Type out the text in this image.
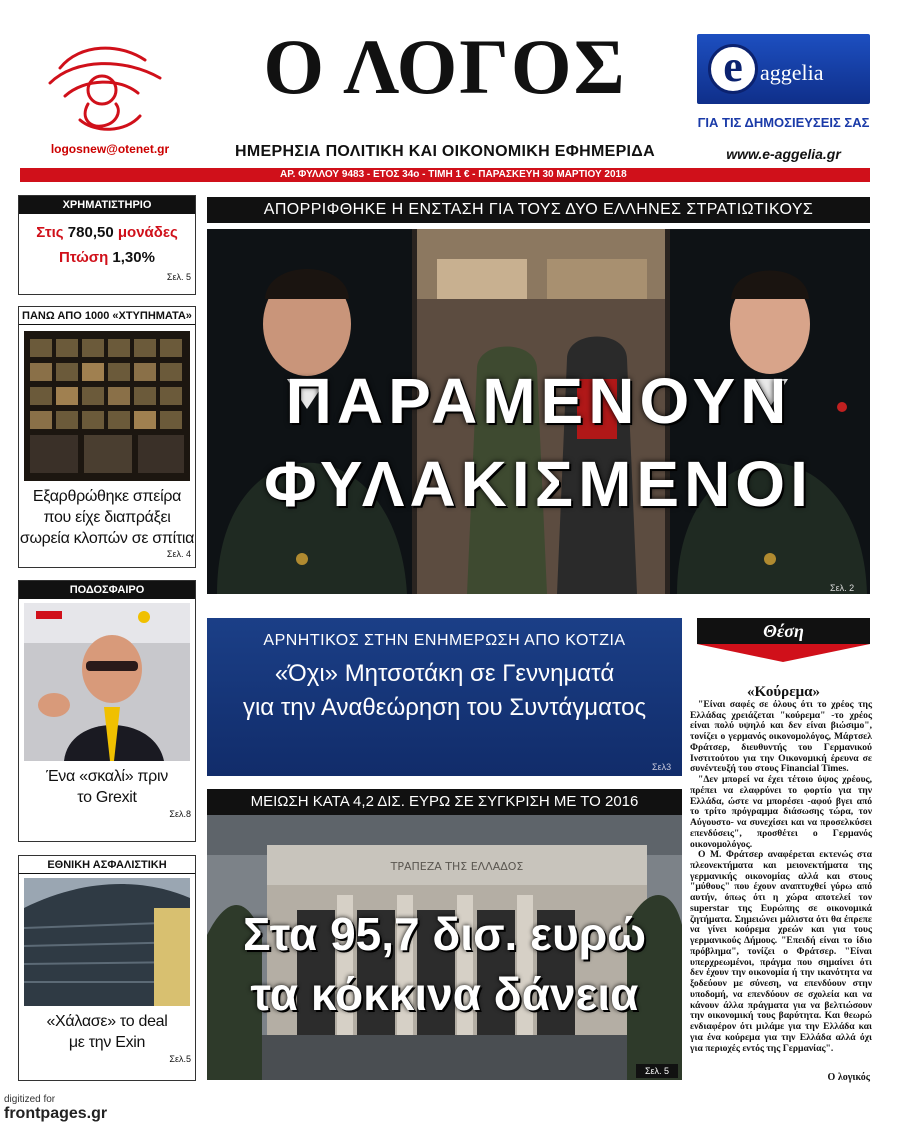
logosnew@otenet.gr
Ο ΛΟΓΟΣ
ΗΜΕΡΗΣΙΑ ΠΟΛΙΤΙΚΗ ΚΑΙ ΟΙΚΟΝΟΜΙΚΗ ΕΦΗΜΕΡΙΔΑ
e aggelia
ΓΙΑ ΤΙΣ ΔΗΜΟΣΙΕΥΣΕΙΣ ΣΑΣ
www.e-aggelia.gr
ΑΡ. ΦΥΛΛΟΥ 9483 - ΕΤΟΣ 34ο - ΤΙΜΗ 1 € - ΠΑΡΑΣΚΕΥΗ 30 ΜΑΡΤΙΟΥ 2018
ΧΡΗΜΑΤΙΣΤΗΡΙΟ
Στις 780,50 μονάδες
Πτώση 1,30%
Σελ. 5
ΠΑΝΩ ΑΠΟ 1000 «ΧΤΥΠΗΜΑΤΑ»
Εξαρθρώθηκε σπείρα
που είχε διαπράξει
σωρεία κλοπών σε σπίτια
Σελ. 4
ΠΟΔΟΣΦΑΙΡΟ
Ένα «σκαλί» πριν
το Grexit
Σελ.8
ΕΘΝΙΚΗ ΑΣΦΑΛΙΣΤΙΚΗ
«Χάλασε» το deal
με την Exin
Σελ.5
ΑΠΟΡΡΙΦΘΗΚΕ Η ΕΝΣΤΑΣΗ ΓΙΑ ΤΟΥΣ ΔΥΟ ΕΛΛΗΝΕΣ ΣΤΡΑΤΙΩΤΙΚΟΥΣ
ΠΑΡΑΜΕΝΟΥΝ
ΦΥΛΑΚΙΣΜΕΝΟΙ
Σελ. 2
ΑΡΝΗΤΙΚΟΣ ΣΤΗΝ ΕΝΗΜΕΡΩΣΗ ΑΠΟ ΚΟΤΖΙΑ
«Όχι» Μητσοτάκη σε Γεννηματά
για την Αναθεώρηση του Συντάγματος
Σελ3
ΜΕΙΩΣΗ ΚΑΤΑ 4,2 ΔΙΣ. ΕΥΡΩ ΣΕ ΣΥΓΚΡΙΣΗ ΜΕ ΤΟ 2016
ΤΡΑΠΕΖΑ ΤΗΣ ΕΛΛΑΔΟΣ
Στα 95,7 δισ. ευρώ
τα κόκκινα δάνεια
Σελ. 5
Θέση
«Κούρεμα»

"Είναι σαφές σε όλους ότι το χρέος της Ελλάδας χρειάζεται "κούρεμα" -το χρέος είναι πολύ υψηλό και δεν είναι βιώσιμο", τονίζει ο γερμανός οικονομολόγος, Μάρτσελ Φράτσερ, διευθυντής του Γερμανικού Ινστιτούτου για την Οικονομική έρευνα σε συνέντευξή του στους Financial Times.

"Δεν μπορεί να έχει τέτοιο ύψος χρέους, πρέπει να ελαφρύνει το φορτίο για την Ελλάδα, ώστε να μπορέσει -αφού βγει από το τρίτο πρόγραμμα διάσωσης τώρα, τον Αύγουστο- να συνεχίσει και να προσελκύσει επενδύσεις", προσθέτει ο Γερμανός οικονομολόγος.

Ο Μ. Φράτσερ αναφέρεται εκτενώς στα πλεονεκτήματα και μειονεκτήματα της γερμανικής οικονομίας αλλά και στους "μύθους" που έχουν αναπτυχθεί γύρω από αυτήν, όπως ότι η χώρα αποτελεί τον superstar της Ευρώπης σε οικονομικά ζητήματα. Σημειώνει μάλιστα ότι θα έπρεπε να γίνει κούρεμα χρεών και για τους γερμανικούς Δήμους. "Επειδή είναι το ίδιο πρόβλημα", τονίζει ο Φράτσερ. "Είναι υπερχρεωμένοι, πράγμα που σημαίνει ότι δεν έχουν την οικονομία ή την ικανότητα να ξοδεύουν με σύνεση, να επενδύουν στην υποδομή, να επενδύουν σε σχολεία και να κάνουν άλλα πράγματα για να βελτιώσουν την οικονομική τους βαρύτητα. Και θεωρώ ενδιαφέρον ότι μιλάμε για την Ελλάδα και για ένα κούρεμα για την Ελλάδα αλλά όχι για περιοχές εντός της Γερμανίας".

Ο λογικός
digitized for
frontpages.gr
